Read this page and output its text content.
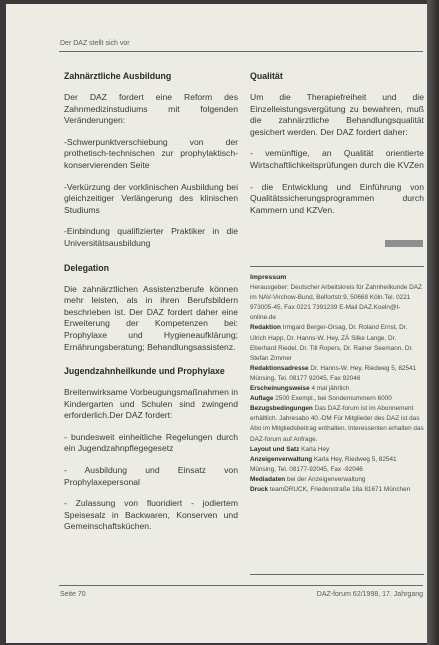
Der DAZ stellt sich vor
Zahnärztliche Ausbildung

Der DAZ fordert eine Reform des Zahnmedizinstudiums mit folgenden Veränderungen:

-Schwerpunktverschiebung von der prothetisch-technischen zur prophylaktisch-konservierenden Seite

-Verkürzung der vorklinischen Ausbildung bei gleichzeitiger Verlängerung des klinischen Studiums

-Einbindung qualifizierter Praktiker in die Universitätsausbildung

Delegation

Die zahnärztlichen Assistenzberufe können mehr leisten, als in ihren Berufsbildern beschrieben ist. Der DAZ fordert daher eine Erweiterung der Kompetenzen bei: Prophylaxe und Hygieneaufklärung; Ernährungsberatung; Behandlungsassistenz.

Jugendzahnheilkunde und Prophylaxe

Breitenwirksame Vorbeugungsmaßnahmen in Kindergarten und Schulen sind zwingend erforderlich.Der DAZ fordert:

- bundesweit einheitliche Regelungen durch ein Jugendzahnpflegegesetz

- Ausbildung und Einsatz von Prophylaxepersonal

- Zulassung von fluoridiert - jodiertem Speisesalz in Backwaren, Konserven und Gemeinschaftsküchen.

Qualität

Um die Therapiefreiheit und die Einzelleistungsvergütung zu bewahren, muß die zahnärztliche Behandlungsqualität gesichert werden. Der DAZ fordert daher:

- vemünftige, an Qualität orientierte Wirtschaftlichkeitsprüfungen durch die KVZen

- die Entwicklung und Einführung von Qualitätssicherungsprogrammen durch Kammern und KZVen.

Impressum
Herausgeber: Deutscher Arbeitskreis für Zahnheilkunde DAZ im NAV-Virchow-Bund, Belfortstr.9, 50668 Köln.Tel. 0221 973005-45, Fax 0221 7391239 E-Mail DAZ.Koeln@t-online.de
Redaktion Irmgard Berger-Orsag, Dr. Roland Ernst, Dr. Ulrich Happ, Dr. Hanns-W. Hey, ZÄ Silke Lange, Dr. Eberhard Riedel, Dr. Till Ropers, Dr. Rainer Seemann, Dr. Stefan Zimmer
Redaktionsadresse Dr. Hanns-W. Hey, Riedweg 5, 82541 Münsing, Tel. 08177 92045, Fax 92046
Erscheinungsweise 4 mal jährlich
Auflage 2500 Exempl., bei Sondernummern 6000
Bezugsbedingungen Das DAZ-forum ist im Abonnement erhältlich. Jahresabo 40.-DM Für Mitglieder des DAZ ist das Abo im Mitgliedsbeitrag enthalten. Interessenten erhalten das DAZ-forum auf Anfrage.
Layout und Satz Karla Hey
Anzeigenverwaltung Karla Hey, Riedweg 5, 82541 Münsing, Tel. 08177-92045, Fax -92046
Mediadaten bei der Anzeigenverwaltung
Druck teamDRUCK, Friedenstraße 18a 81671 München
Seite 70	DAZ-forum 62/1998, 17. Jahrgang
